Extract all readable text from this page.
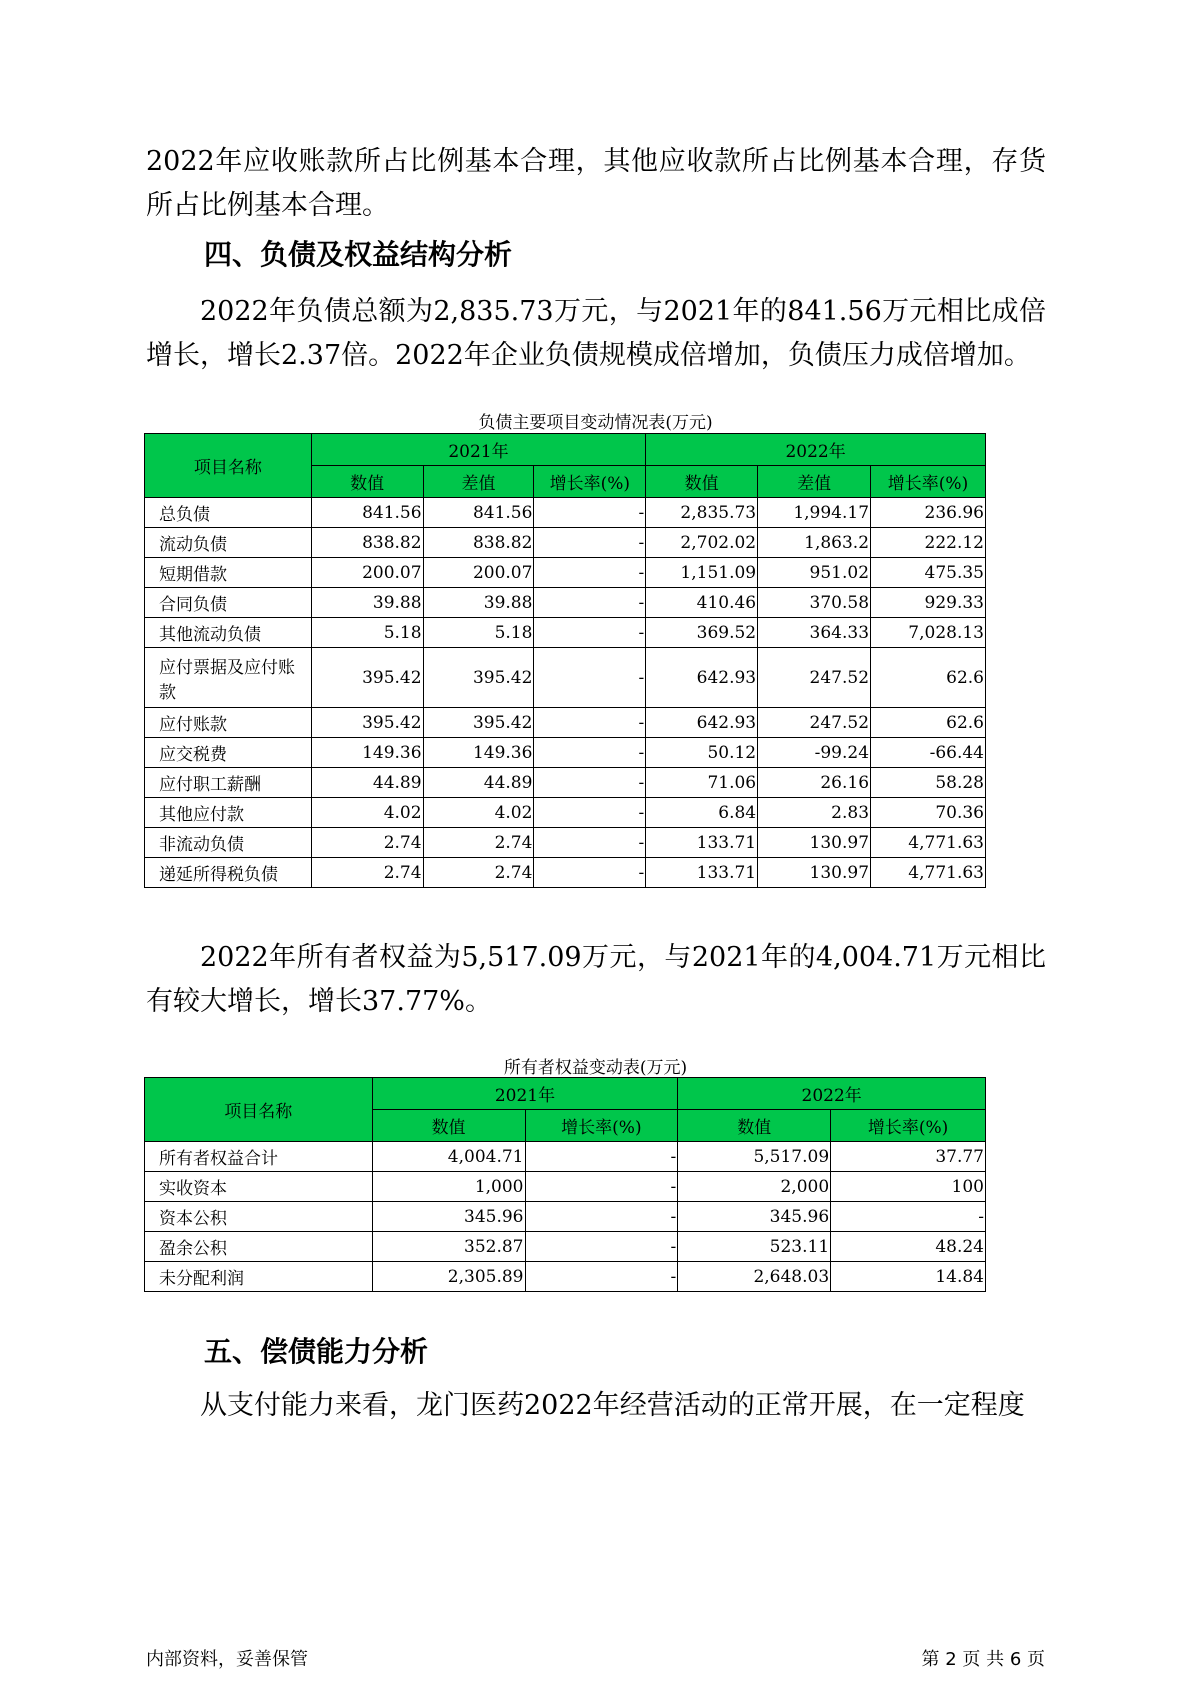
2022年应收账款所占比例基本合理，其他应收款所占比例基本合理，存货所占比例基本合理。
四、负债及权益结构分析
2022年负债总额为2,835.73万元，与2021年的841.56万元相比成倍增长，增长2.37倍。2022年企业负债规模成倍增加，负债压力成倍增加。
负债主要项目变动情况表(万元)
项目名称	2021年			2022年		
	数值	差值	增长率(%)	数值	差值	增长率(%)
总负债	841.56	841.56	-	2,835.73	1,994.17	236.96
流动负债	838.82	838.82	-	2,702.02	1,863.2	222.12
短期借款	200.07	200.07	-	1,151.09	951.02	475.35
合同负债	39.88	39.88	-	410.46	370.58	929.33
其他流动负债	5.18	5.18	-	369.52	364.33	7,028.13
应付票据及应付账款	395.42	395.42	-	642.93	247.52	62.6
应付账款	395.42	395.42	-	642.93	247.52	62.6
应交税费	149.36	149.36	-	50.12	-99.24	-66.44
应付职工薪酬	44.89	44.89	-	71.06	26.16	58.28
其他应付款	4.02	4.02	-	6.84	2.83	70.36
非流动负债	2.74	2.74	-	133.71	130.97	4,771.63
递延所得税负债	2.74	2.74	-	133.71	130.97	4,771.63
2022年所有者权益为5,517.09万元，与2021年的4,004.71万元相比有较大增长，增长37.77%。
所有者权益变动表(万元)
项目名称	2021年		2022年	
	数值	增长率(%)	数值	增长率(%)
所有者权益合计	4,004.71	-	5,517.09	37.77
实收资本	1,000	-	2,000	100
资本公积	345.96	-	345.96	-
盈余公积	352.87	-	523.11	48.24
未分配利润	2,305.89	-	2,648.03	14.84
五、偿债能力分析
从支付能力来看，龙门医药2022年经营活动的正常开展，在一定程度
内部资料，妥善保管	第 2 页 共 6 页
